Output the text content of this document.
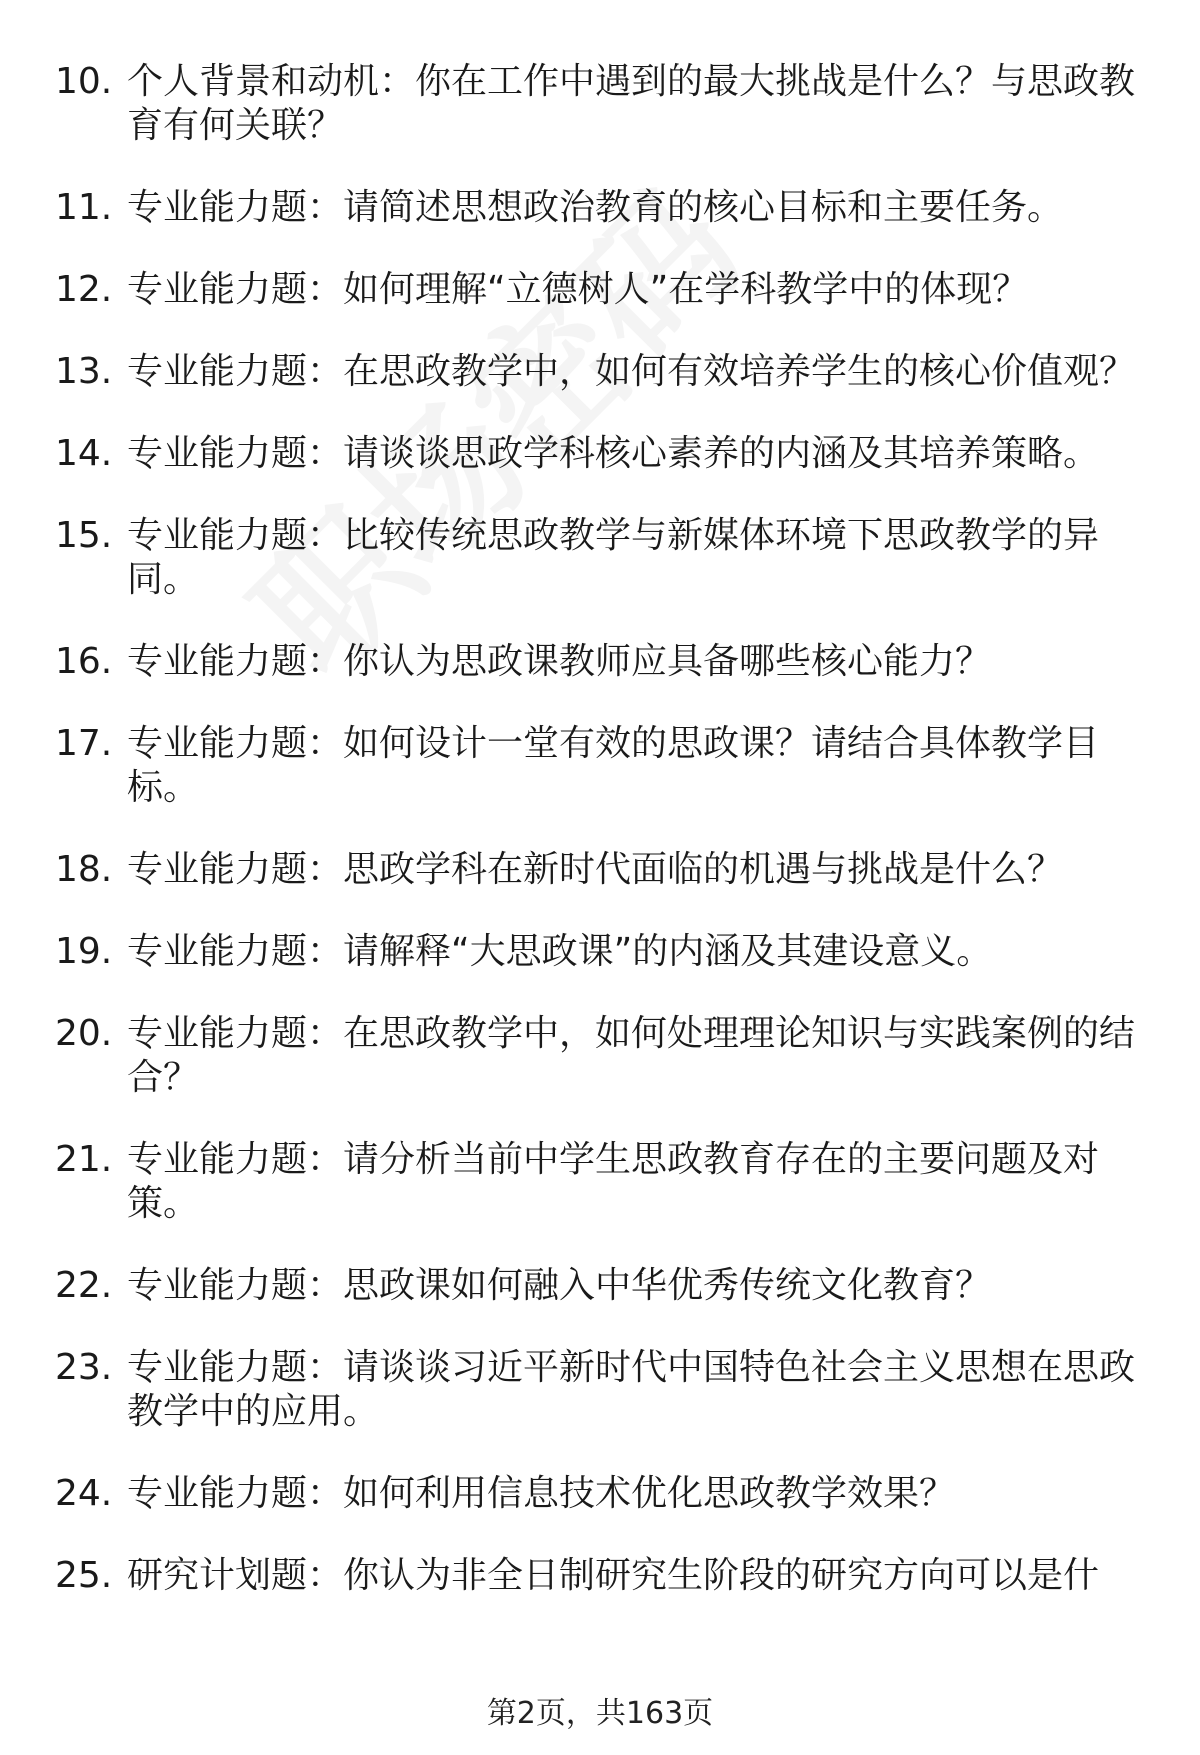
10. 个人背景和动机：你在工作中遇到的最大挑战是什么？与思政教育有何关联？
11. 专业能力题：请简述思想政治教育的核心目标和主要任务。
12. 专业能力题：如何理解“立德树人”在学科教学中的体现？
13. 专业能力题：在思政教学中，如何有效培养学生的核心价值观？
14. 专业能力题：请谈谈思政学科核心素养的内涵及其培养策略。
15. 专业能力题：比较传统思政教学与新媒体环境下思政教学的异同。
16. 专业能力题：你认为思政课教师应具备哪些核心能力？
17. 专业能力题：如何设计一堂有效的思政课？请结合具体教学目标。
18. 专业能力题：思政学科在新时代面临的机遇与挑战是什么？
19. 专业能力题：请解释“大思政课”的内涵及其建设意义。
20. 专业能力题：在思政教学中，如何处理理论知识与实践案例的结合？
21. 专业能力题：请分析当前中学生思政教育存在的主要问题及对策。
22. 专业能力题：思政课如何融入中华优秀传统文化教育？
23. 专业能力题：请谈谈习近平新时代中国特色社会主义思想在思政教学中的应用。
24. 专业能力题：如何利用信息技术优化思政教学效果？
25. 研究计划题：你认为非全日制研究生阶段的研究方向可以是什
第2页，共163页
